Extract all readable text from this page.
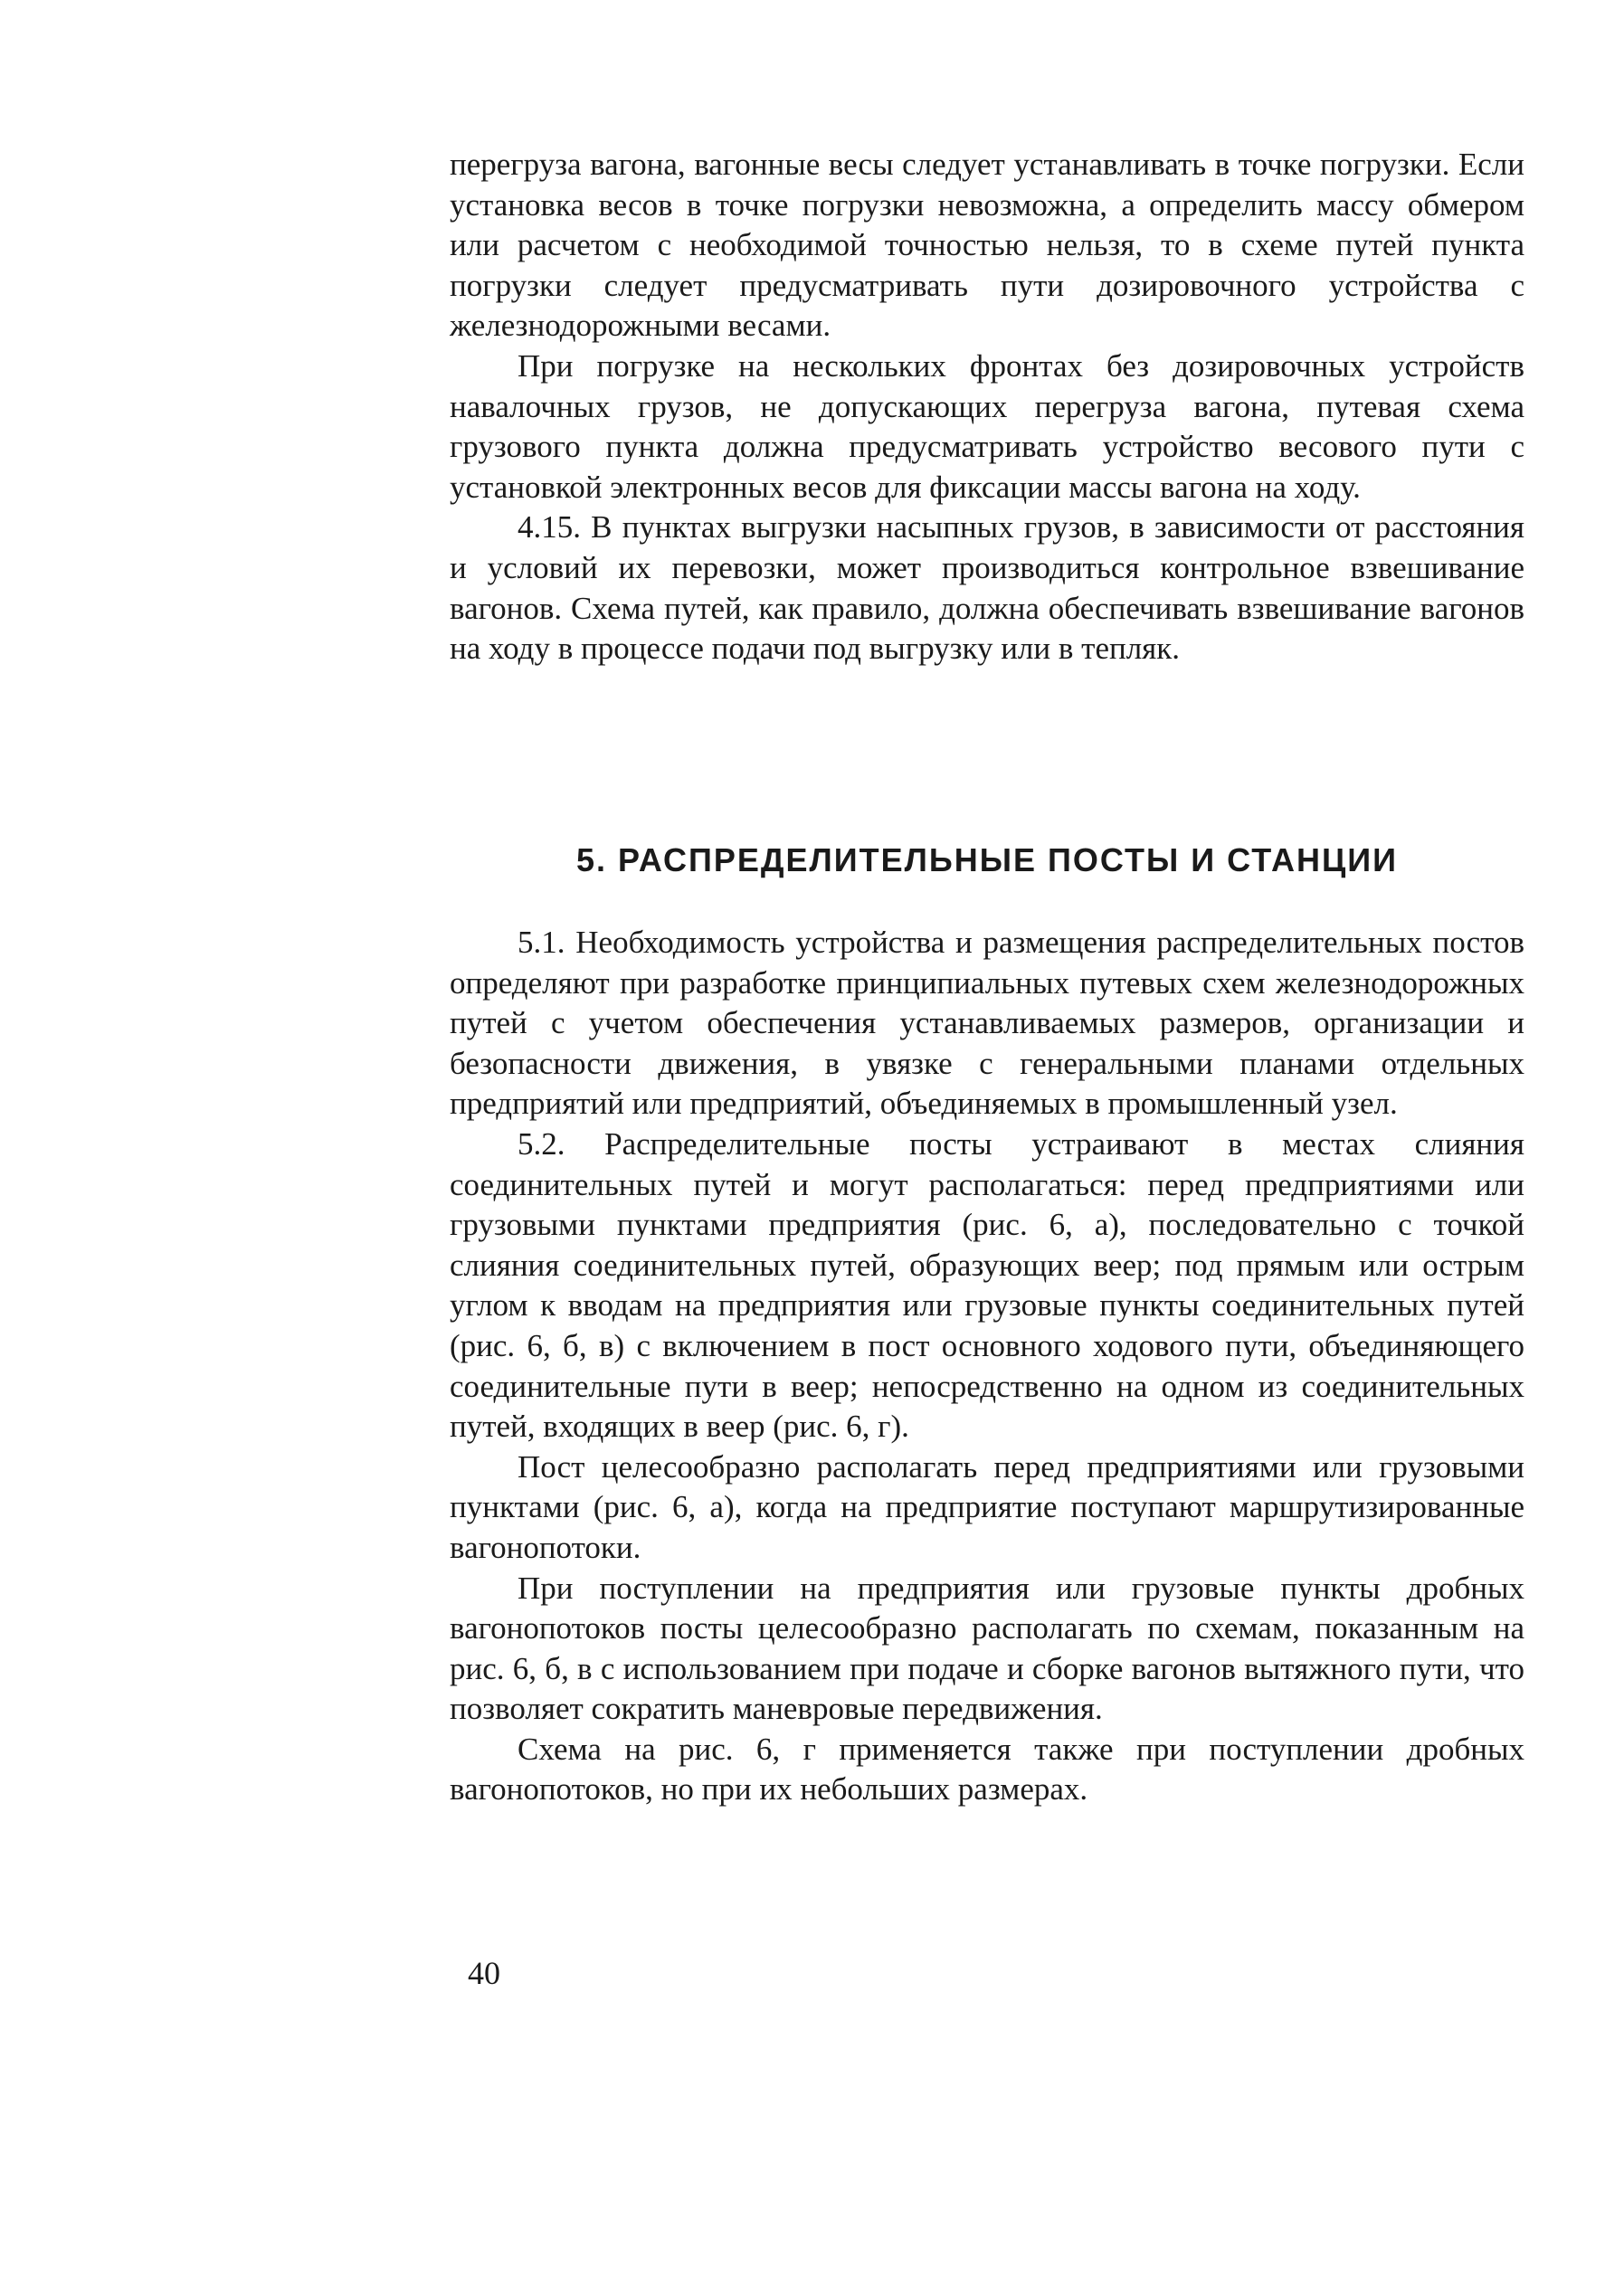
перегруза вагона, вагонные весы следует устанавливать в точке погрузки. Если установка весов в точке погрузки невозможна, а определить массу обмером или расчетом с необходимой точностью нельзя, то в схеме путей пункта погрузки следует предусматривать пути дозировочного устройства с железнодорожными весами.

При погрузке на нескольких фронтах без дозировочных устройств навалочных грузов, не допускающих перегруза вагона, путевая схема грузового пункта должна предусматривать устройство весового пути с установкой электронных весов для фиксации массы вагона на ходу.

4.15. В пунктах выгрузки насыпных грузов, в зависимости от расстояния и условий их перевозки, может производиться контрольное взвешивание вагонов. Схема путей, как правило, должна обеспечивать взвешивание вагонов на ходу в процессе подачи под выгрузку или в тепляк.

5. РАСПРЕДЕЛИТЕЛЬНЫЕ ПОСТЫ И СТАНЦИИ

5.1. Необходимость устройства и размещения распределительных постов определяют при разработке принципиальных путевых схем железнодорожных путей с учетом обеспечения устанавливаемых размеров, организации и безопасности движения, в увязке с генеральными планами отдельных предприятий или предприятий, объединяемых в промышленный узел.

5.2. Распределительные посты устраивают в местах слияния соединительных путей и могут располагаться: перед предприятиями или грузовыми пунктами предприятия (рис. 6, а), последовательно с точкой слияния соединительных путей, образующих веер; под прямым или острым углом к вводам на предприятия или грузовые пункты соединительных путей (рис. 6, б, в) с включением в пост основного ходового пути, объединяющего соединительные пути в веер; непосредственно на одном из соединительных путей, входящих в веер (рис. 6, г).

Пост целесообразно располагать перед предприятиями или грузовыми пунктами (рис. 6, а), когда на предприятие поступают маршрутизированные вагонопотоки.

При поступлении на предприятия или грузовые пункты дробных вагонопотоков посты целесообразно располагать по схемам, показанным на рис. 6, б, в с использованием при подаче и сборке вагонов вытяжного пути, что позволяет сократить маневровые передвижения.

Схема на рис. 6, г применяется также при поступлении дробных вагонопотоков, но при их небольших размерах.

40
